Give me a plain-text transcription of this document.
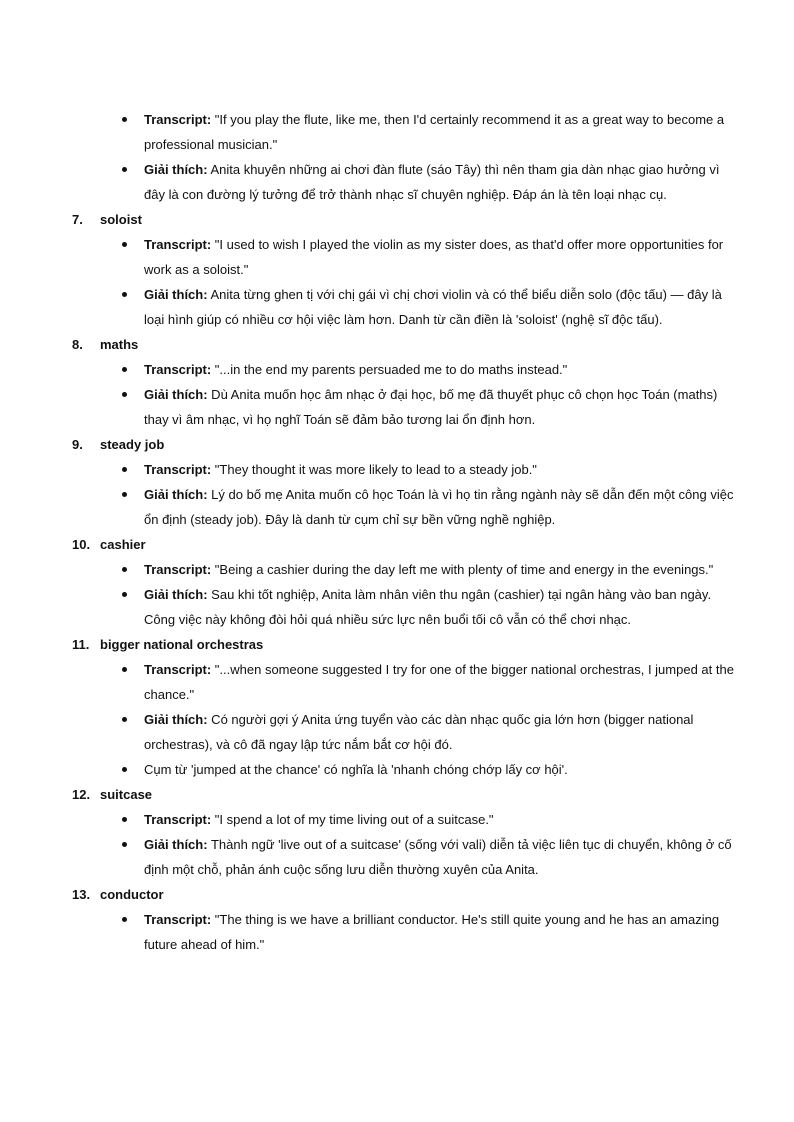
Transcript: "If you play the flute, like me, then I'd certainly recommend it as a great way to become a professional musician."
Giải thích: Anita khuyên những ai chơi đàn flute (sáo Tây) thì nên tham gia dàn nhạc giao hưởng vì đây là con đường lý tưởng để trở thành nhạc sĩ chuyên nghiệp. Đáp án là tên loại nhạc cụ.
7. soloist
Transcript: "I used to wish I played the violin as my sister does, as that'd offer more opportunities for work as a soloist."
Giải thích: Anita từng ghen tị với chị gái vì chị chơi violin và có thể biểu diễn solo (độc tấu) — đây là loại hình giúp có nhiều cơ hội việc làm hơn. Danh từ cần điền là 'soloist' (nghệ sĩ độc tấu).
8. maths
Transcript: "...in the end my parents persuaded me to do maths instead."
Giải thích: Dù Anita muốn học âm nhạc ở đại học, bố mẹ đã thuyết phục cô chọn học Toán (maths) thay vì âm nhạc, vì họ nghĩ Toán sẽ đảm bảo tương lai ổn định hơn.
9. steady job
Transcript: "They thought it was more likely to lead to a steady job."
Giải thích: Lý do bố mẹ Anita muốn cô học Toán là vì họ tin rằng ngành này sẽ dẫn đến một công việc ổn định (steady job). Đây là danh từ cụm chỉ sự bền vững nghề nghiệp.
10. cashier
Transcript: "Being a cashier during the day left me with plenty of time and energy in the evenings."
Giải thích: Sau khi tốt nghiệp, Anita làm nhân viên thu ngân (cashier) tại ngân hàng vào ban ngày. Công việc này không đòi hỏi quá nhiều sức lực nên buổi tối cô vẫn có thể chơi nhạc.
11. bigger national orchestras
Transcript: "...when someone suggested I try for one of the bigger national orchestras, I jumped at the chance."
Giải thích: Có người gợi ý Anita ứng tuyển vào các dàn nhạc quốc gia lớn hơn (bigger national orchestras), và cô đã ngay lập tức nắm bắt cơ hội đó.
Cụm từ 'jumped at the chance' có nghĩa là 'nhanh chóng chớp lấy cơ hội'.
12. suitcase
Transcript: "I spend a lot of my time living out of a suitcase."
Giải thích: Thành ngữ 'live out of a suitcase' (sống với vali) diễn tả việc liên tục di chuyển, không ở cố định một chỗ, phản ánh cuộc sống lưu diễn thường xuyên của Anita.
13. conductor
Transcript: "The thing is we have a brilliant conductor. He's still quite young and he has an amazing future ahead of him."
